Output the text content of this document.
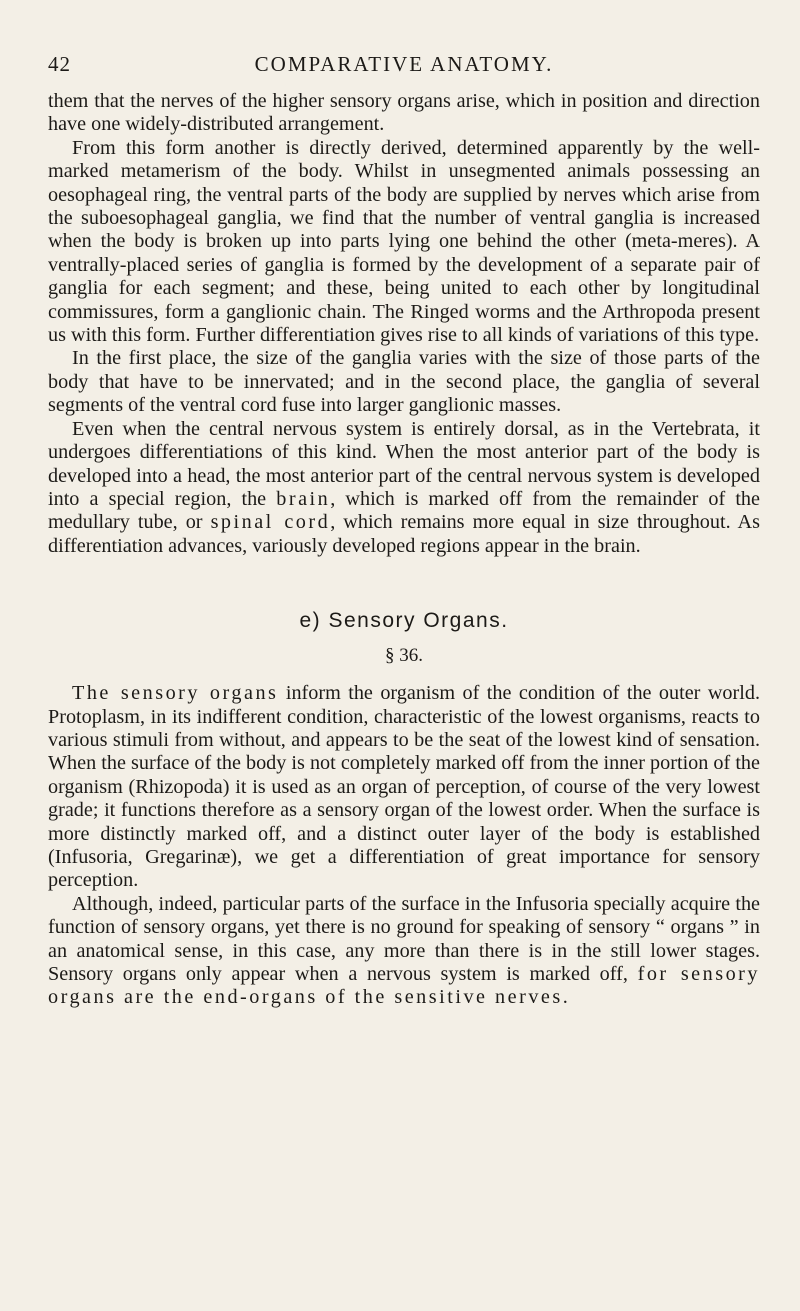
42	COMPARATIVE ANATOMY.

them that the nerves of the higher sensory organs arise, which in position and direction have one widely-distributed arrangement.

From this form another is directly derived, determined apparently by the well-marked metamerism of the body. Whilst in unsegmented animals possessing an oesophageal ring, the ventral parts of the body are supplied by nerves which arise from the suboesophageal ganglia, we find that the number of ventral ganglia is increased when the body is broken up into parts lying one behind the other (meta-meres). A ventrally-placed series of ganglia is formed by the development of a separate pair of ganglia for each segment; and these, being united to each other by longitudinal commissures, form a ganglionic chain. The Ringed worms and the Arthropoda present us with this form. Further differentiation gives rise to all kinds of variations of this type.

In the first place, the size of the ganglia varies with the size of those parts of the body that have to be innervated; and in the second place, the ganglia of several segments of the ventral cord fuse into larger ganglionic masses.

Even when the central nervous system is entirely dorsal, as in the Vertebrata, it undergoes differentiations of this kind. When the most anterior part of the body is developed into a head, the most anterior part of the central nervous system is developed into a special region, the brain, which is marked off from the remainder of the medullary tube, or spinal cord, which remains more equal in size throughout. As differentiation advances, variously developed regions appear in the brain.

e) Sensory Organs.
§ 36.

The sensory organs inform the organism of the condition of the outer world. Protoplasm, in its indifferent condition, characteristic of the lowest organisms, reacts to various stimuli from without, and appears to be the seat of the lowest kind of sensation. When the surface of the body is not completely marked off from the inner portion of the organism (Rhizopoda) it is used as an organ of perception, of course of the very lowest grade; it functions therefore as a sensory organ of the lowest order. When the surface is more distinctly marked off, and a distinct outer layer of the body is established (Infusoria, Gregarinæ), we get a differentiation of great importance for sensory perception.

Although, indeed, particular parts of the surface in the Infusoria specially acquire the function of sensory organs, yet there is no ground for speaking of sensory “ organs ” in an anatomical sense, in this case, any more than there is in the still lower stages. Sensory organs only appear when a nervous system is marked off, for sensory organs are the end-organs of the sensitive nerves.
